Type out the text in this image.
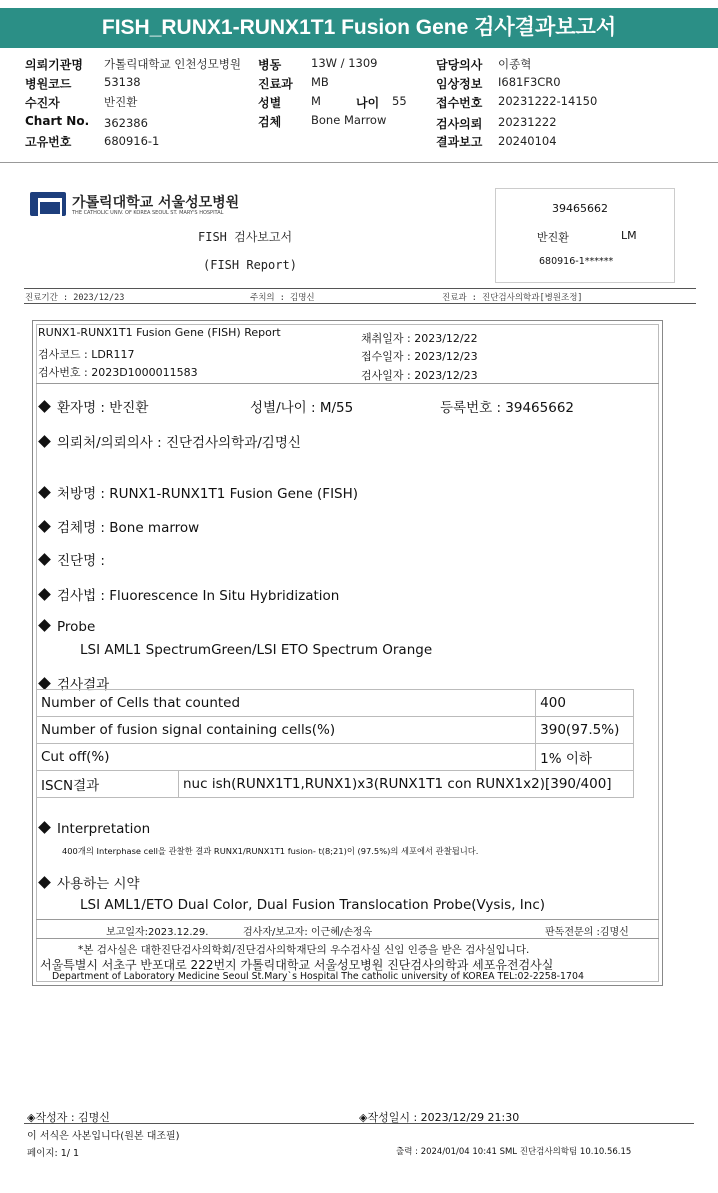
FISH_RUNX1-RUNX1T1 Fusion Gene 검사결과보고서
의뢰기관명 가톨릭대학교 인천성모병원 병동	13W / 1309	담당의사 이종혁
병원코드	53138	진료과 MB	임상정보 I681F3CR0
수진자	반진환	성별	M	나이 55 접수번호 20231222-14150
Chart No. 362386	검체	Bone Marrow	검사의뢰 20231222
고유번호	680916-1	결과보고 20240104
가톨릭대학교 서울성모병원
THE CATHOLIC UNIV. OF KOREA SEOUL ST. MARY'S HOSPITAL
FISH 검사보고서
(FISH Report)
39465662
반진환	LM
680916-1******
진료기간 : 2023/12/23	주치의 : 김명신	진료과 : 진단검사의학과[병원조정]
RUNX1-RUNX1T1 Fusion Gene (FISH) Report
검사코드 : LDR117
검사번호 : 2023D1000011583
채취일자 : 2023/12/22
접수일자 : 2023/12/23
검사일자 : 2023/12/23
환자명 : 반진환	성별/나이 : M/55	등록번호 : 39465662
의뢰처/의뢰의사 : 진단검사의학과/김명신
처방명 : RUNX1-RUNX1T1 Fusion Gene (FISH)
검체명 : Bone marrow
진단명 :
검사법 : Fluorescence In Situ Hybridization
Probe
LSI AML1 SpectrumGreen/LSI ETO Spectrum Orange
검사결과
Number of Cells that counted		400
Number of fusion signal containing cells(%)		390(97.5%)
Cut off(%)		1% 이하
ISCN결과	nuc ish(RUNX1T1,RUNX1)x3(RUNX1T1 con RUNX1x2)[390/400]	
Interpretation
400개의 Interphase cell을 관찰한 결과 RUNX1/RUNX1T1 fusion- t(8;21)이 (97.5%)의 세포에서 관찰됩니다.
사용하는 시약
LSI AML1/ETO Dual Color, Dual Fusion Translocation Probe(Vysis, Inc)
보고일자:2023.12.29.	검사자/보고자: 이근혜/손정옥	판독전문의 :김명신
*본 검사실은 대한진단검사의학회/진단검사의학재단의 우수검사실 신임 인증을 받은 검사실입니다.
서울특별시 서초구 반포대로 222번지 가톨릭대학교 서울성모병원 진단검사의학과 세포유전검사실
Department of Laboratory Medicine Seoul St.Mary`s Hospital The catholic university of KOREA TEL:02-2258-1704
◈작성자 : 김명신	◈작성일시 : 2023/12/29 21:30
이 서식은 사본입니다(원본 대조필)
페이지: 1/ 1	출력 : 2024/01/04 10:41 SML 진단검사의학팀 10.10.56.15
